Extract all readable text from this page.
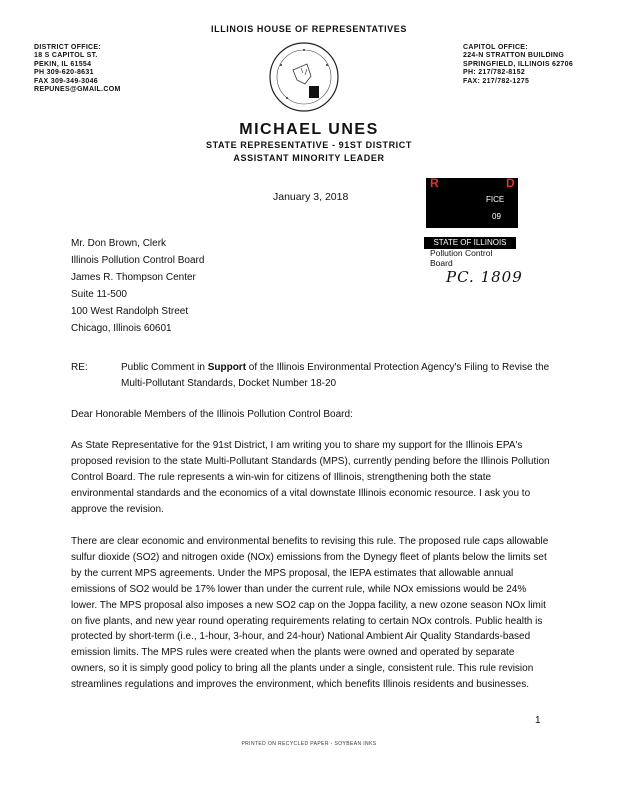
ILLINOIS HOUSE OF REPRESENTATIVES
DISTRICT OFFICE:
18 S CAPITOL ST.
PEKIN, IL 61554
PH 309-620-8631
FAX 309-349-3046
REPUNES@GMAIL.COM
CAPITOL OFFICE:
224-N STRATTON BUILDING
SPRINGFIELD, ILLINOIS 62706
PH: 217/782-8152
FAX: 217/782-1275
MICHAEL UNES
STATE REPRESENTATIVE - 91ST DISTRICT
ASSISTANT MINORITY LEADER
January 3, 2018
R	D
FICE
09
STATE OF ILLINOIS
Pollution Control Board
PC. 1809
Mr. Don Brown, Clerk
Illinois Pollution Control Board
James R. Thompson Center
Suite 11-500
100 West Randolph Street
Chicago, Illinois 60601
RE:	Public Comment in Support of the Illinois Environmental Protection Agency's Filing to Revise the Multi-Pollutant Standards, Docket Number 18-20
Dear Honorable Members of the Illinois Pollution Control Board:
As State Representative for the 91st District, I am writing you to share my support for the Illinois EPA's proposed revision to the state Multi-Pollutant Standards (MPS), currently pending before the Illinois Pollution Control Board. The rule represents a win-win for citizens of Illinois, strengthening both the state environmental standards and the economics of a vital downstate Illinois economic resource. I ask you to approve the revision.
There are clear economic and environmental benefits to revising this rule. The proposed rule caps allowable sulfur dioxide (SO2) and nitrogen oxide (NOx) emissions from the Dynegy fleet of plants below the limits set by the current MPS agreements. Under the MPS proposal, the IEPA estimates that allowable annual emissions of SO2 would be 17% lower than under the current rule, while NOx emissions would be 24% lower. The MPS proposal also imposes a new SO2 cap on the Joppa facility, a new ozone season NOx limit on five plants, and new year round operating requirements relating to certain NOx controls. Public health is protected by short-term (i.e., 1-hour, 3-hour, and 24-hour) National Ambient Air Quality Standards-based emission limits. The MPS rules were created when the plants were owned and operated by separate owners, so it is simply good policy to bring all the plants under a single, consistent rule. This rule revision streamlines regulations and improves the environment, which benefits Illinois residents and businesses.
1
PRINTED ON RECYCLED PAPER - SOYBEAN INKS
